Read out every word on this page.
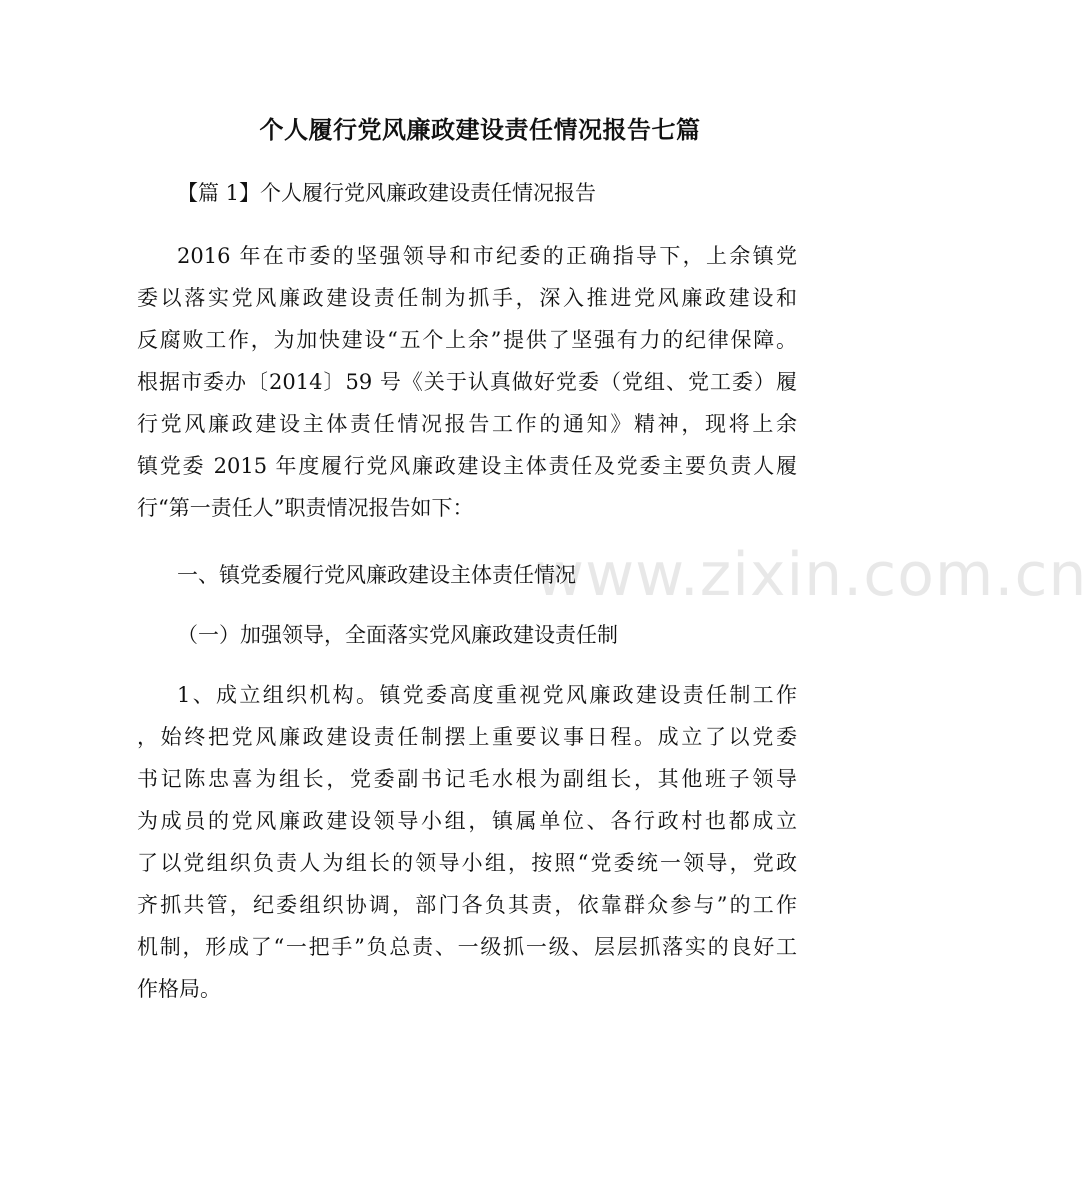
个人履行党风廉政建设责任情况报告七篇
【篇 1】个人履行党风廉政建设责任情况报告
2016 年在市委的坚强领导和市纪委的正确指导下，上余镇党
委以落实党风廉政建设责任制为抓手，深入推进党风廉政建设和
反腐败工作，为加快建设“五个上余”提供了坚强有力的纪律保障。
根据市委办〔2014〕59 号《关于认真做好党委（党组、党工委）履
行党风廉政建设主体责任情况报告工作的通知》精神，现将上余
镇党委 2015 年度履行党风廉政建设主体责任及党委主要负责人履
行“第一责任人”职责情况报告如下：
一、镇党委履行党风廉政建设主体责任情况
（一）加强领导，全面落实党风廉政建设责任制
1、成立组织机构。镇党委高度重视党风廉政建设责任制工作
，始终把党风廉政建设责任制摆上重要议事日程。成立了以党委
书记陈忠喜为组长，党委副书记毛水根为副组长，其他班子领导
为成员的党风廉政建设领导小组，镇属单位、各行政村也都成立
了以党组织负责人为组长的领导小组，按照“党委统一领导，党政
齐抓共管，纪委组织协调，部门各负其责，依靠群众参与”的工作
机制，形成了“一把手”负总责、一级抓一级、层层抓落实的良好工
作格局。
www.zixin.com.cn
